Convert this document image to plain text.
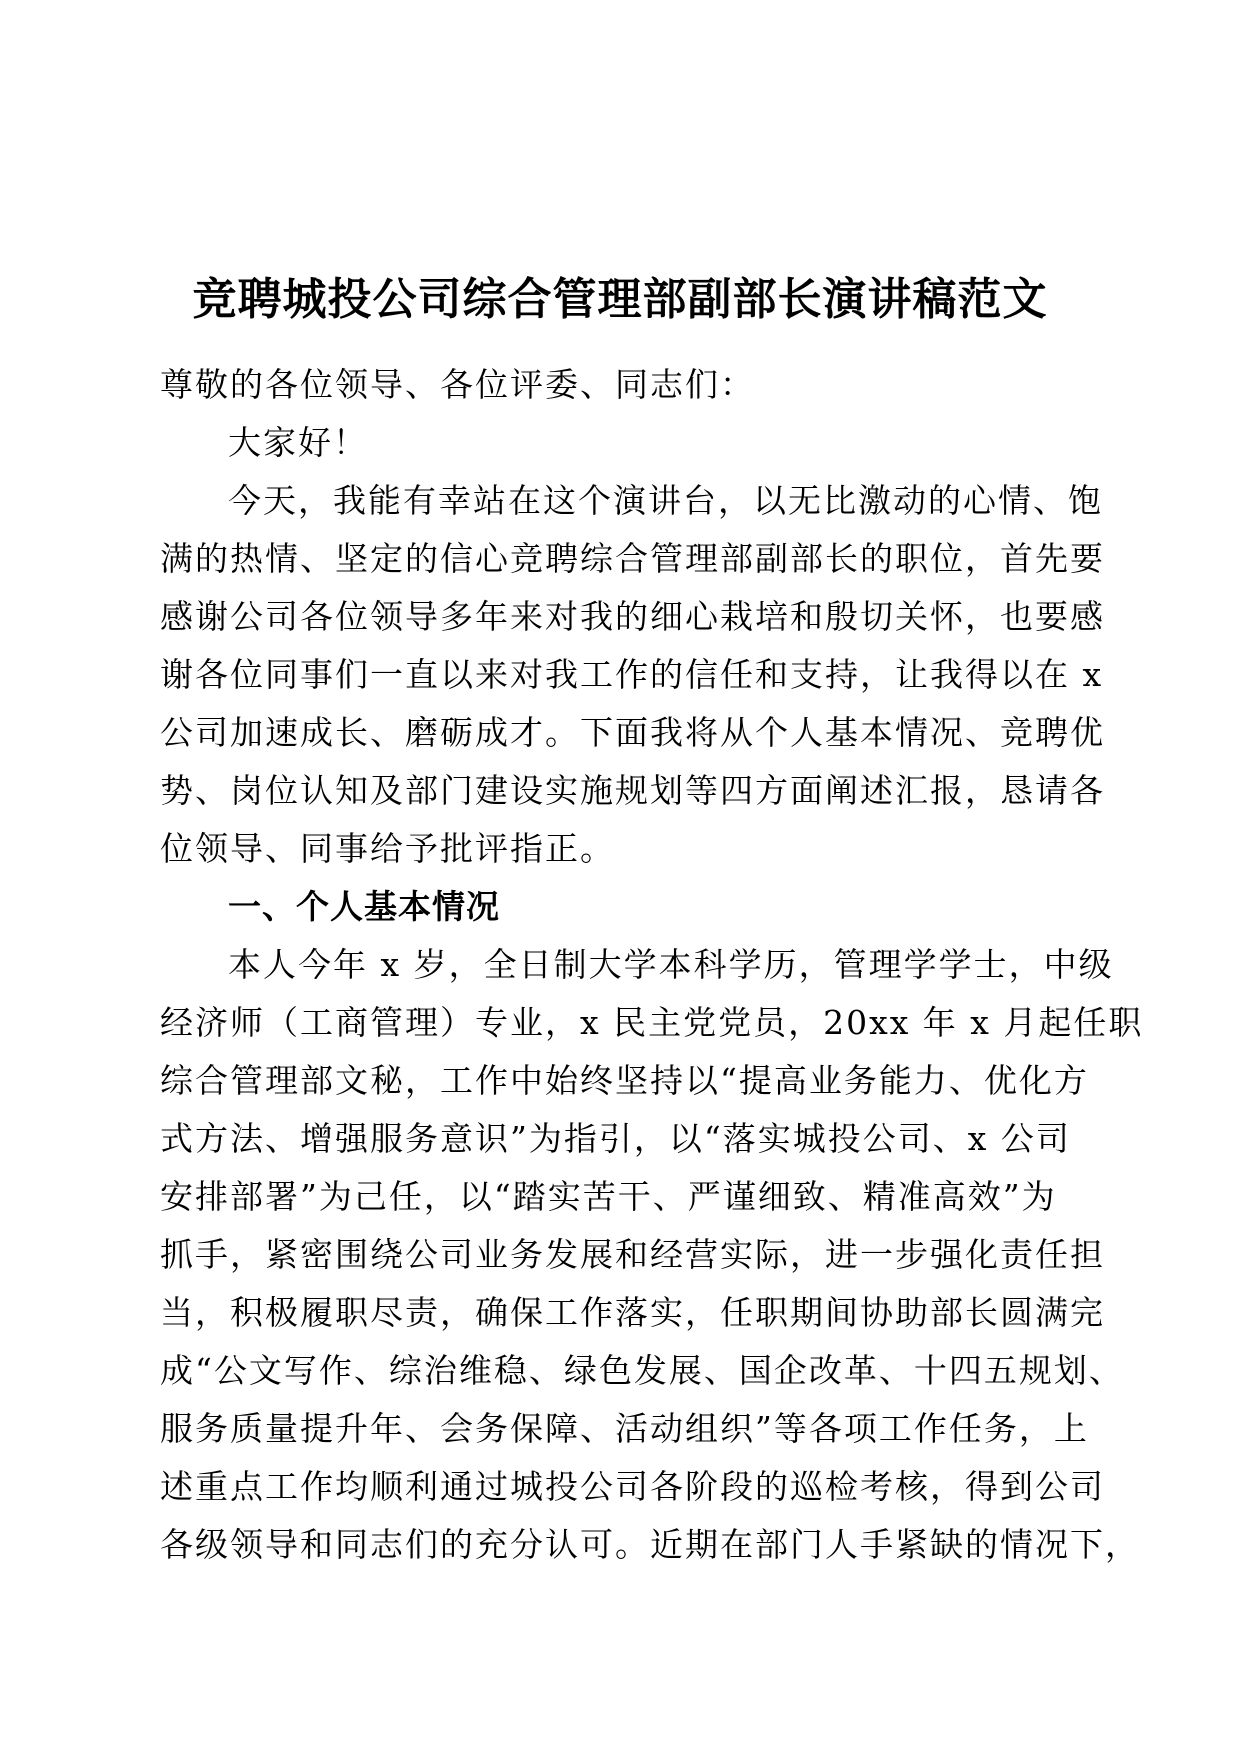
竞聘城投公司综合管理部副部长演讲稿范文
尊敬的各位领导、各位评委、同志们：
大家好！
今天，我能有幸站在这个演讲台，以无比激动的心情、饱
满的热情、坚定的信心竞聘综合管理部副部长的职位，首先要
感谢公司各位领导多年来对我的细心栽培和殷切关怀，也要感
谢各位同事们一直以来对我工作的信任和支持，让我得以在 x
公司加速成长、磨砺成才。下面我将从个人基本情况、竞聘优
势、岗位认知及部门建设实施规划等四方面阐述汇报，恳请各
位领导、同事给予批评指正。
一、个人基本情况
本人今年 x 岁，全日制大学本科学历，管理学学士，中级
经济师（工商管理）专业，x 民主党党员，20xx 年 x 月起任职
综合管理部文秘，工作中始终坚持以“提高业务能力、优化方
式方法、增强服务意识”为指引，以“落实城投公司、x 公司
安排部署”为己任，以“踏实苦干、严谨细致、精准高效”为
抓手，紧密围绕公司业务发展和经营实际，进一步强化责任担
当，积极履职尽责，确保工作落实，任职期间协助部长圆满完
成“公文写作、综治维稳、绿色发展、国企改革、十四五规划、
服务质量提升年、会务保障、活动组织”等各项工作任务，上
述重点工作均顺利通过城投公司各阶段的巡检考核，得到公司
各级领导和同志们的充分认可。近期在部门人手紧缺的情况下，
